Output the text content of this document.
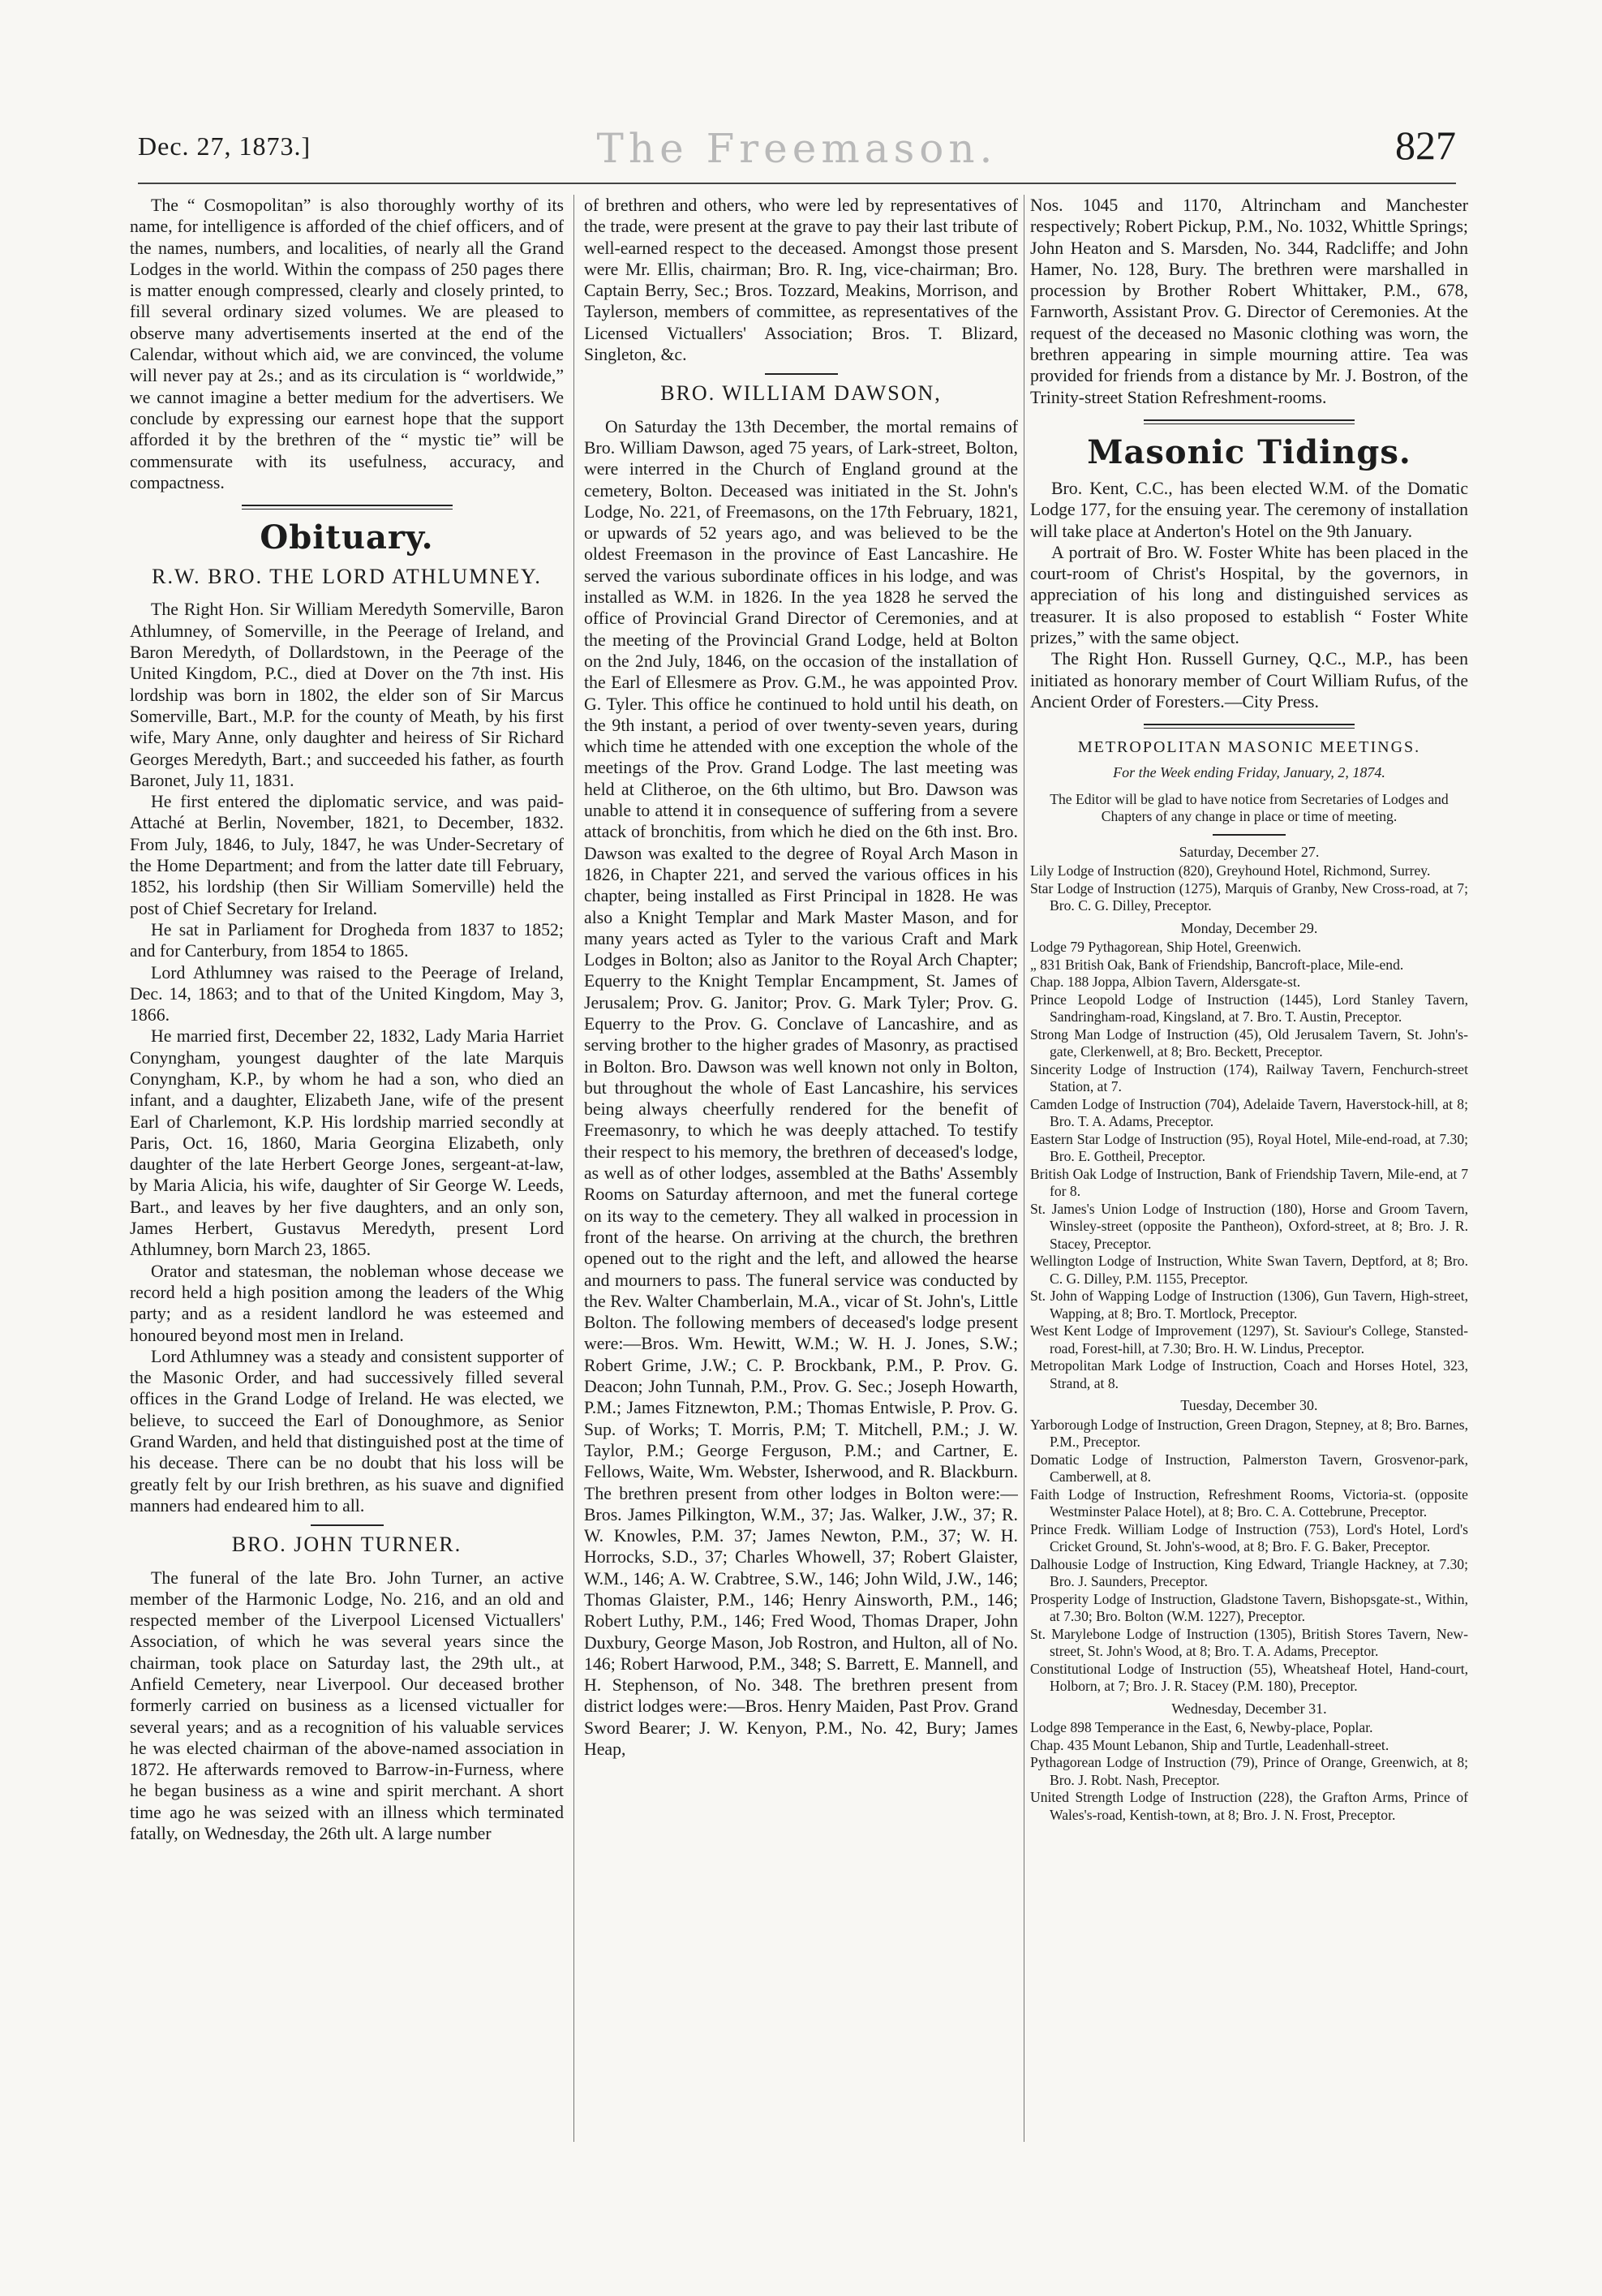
Dec. 27, 1873.]	The Freemason.	827

The “ Cosmopolitan” is also thoroughly worthy of its name, for intelligence is afforded of the chief officers, and of the names, numbers, and localities, of nearly all the Grand Lodges in the world. Within the compass of 250 pages there is matter enough compressed, clearly and closely printed, to fill several ordinary sized volumes. We are pleased to observe many advertisements inserted at the end of the Calendar, without which aid, we are convinced, the volume will never pay at 2s.; and as its circulation is “ worldwide,” we cannot imagine a better medium for the advertisers. We conclude by expressing our earnest hope that the support afforded it by the brethren of the “ mystic tie” will be commensurate with its usefulness, accuracy, and compactness.

Obituary.
R.W. BRO. THE LORD ATHLUMNEY.

The Right Hon. Sir William Meredyth Somerville, Baron Athlumney, of Somerville, in the Peerage of Ireland, and Baron Meredyth, of Dollardstown, in the Peerage of the United Kingdom, P.C., died at Dover on the 7th inst. His lordship was born in 1802, the elder son of Sir Marcus Somerville, Bart., M.P. for the county of Meath, by his first wife, Mary Anne, only daughter and heiress of Sir Richard Georges Meredyth, Bart.; and succeeded his father, as fourth Baronet, July 11, 1831.

He first entered the diplomatic service, and was paid-Attaché at Berlin, November, 1821, to December, 1832. From July, 1846, to July, 1847, he was Under-Secretary of the Home Department; and from the latter date till February, 1852, his lordship (then Sir William Somerville) held the post of Chief Secretary for Ireland.

He sat in Parliament for Drogheda from 1837 to 1852; and for Canterbury, from 1854 to 1865.

Lord Athlumney was raised to the Peerage of Ireland, Dec. 14, 1863; and to that of the United Kingdom, May 3, 1866.

He married first, December 22, 1832, Lady Maria Harriet Conyngham, youngest daughter of the late Marquis Conyngham, K.P., by whom he had a son, who died an infant, and a daughter, Elizabeth Jane, wife of the present Earl of Charlemont, K.P. His lordship married secondly at Paris, Oct. 16, 1860, Maria Georgina Elizabeth, only daughter of the late Herbert George Jones, sergeant-at-law, by Maria Alicia, his wife, daughter of Sir George W. Leeds, Bart., and leaves by her five daughters, and an only son, James Herbert, Gustavus Meredyth, present Lord Athlumney, born March 23, 1865.

Orator and statesman, the nobleman whose decease we record held a high position among the leaders of the Whig party; and as a resident landlord he was esteemed and honoured beyond most men in Ireland.

Lord Athlumney was a steady and consistent supporter of the Masonic Order, and had successively filled several offices in the Grand Lodge of Ireland. He was elected, we believe, to succeed the Earl of Donoughmore, as Senior Grand Warden, and held that distinguished post at the time of his decease. There can be no doubt that his loss will be greatly felt by our Irish brethren, as his suave and dignified manners had endeared him to all.

BRO. JOHN TURNER.

The funeral of the late Bro. John Turner, an active member of the Harmonic Lodge, No. 216, and an old and respected member of the Liverpool Licensed Victuallers' Association, of which he was several years since the chairman, took place on Saturday last, the 29th ult., at Anfield Cemetery, near Liverpool. Our deceased brother formerly carried on business as a licensed victualler for several years; and as a recognition of his valuable services he was elected chairman of the above-named association in 1872. He afterwards removed to Barrow-in-Furness, where he began business as a wine and spirit merchant. A short time ago he was seized with an illness which terminated fatally, on Wednesday, the 26th ult. A large number

of brethren and others, who were led by representatives of the trade, were present at the grave to pay their last tribute of well-earned respect to the deceased. Amongst those present were Mr. Ellis, chairman; Bro. R. Ing, vice-chairman; Bro. Captain Berry, Sec.; Bros. Tozzard, Meakins, Morrison, and Taylerson, members of committee, as representatives of the Licensed Victuallers' Association; Bros. T. Blizard, Singleton, &c.

BRO. WILLIAM DAWSON,

On Saturday the 13th December, the mortal remains of Bro. William Dawson, aged 75 years, of Lark-street, Bolton, were interred in the Church of England ground at the cemetery, Bolton. Deceased was initiated in the St. John's Lodge, No. 221, of Freemasons, on the 17th February, 1821, or upwards of 52 years ago, and was believed to be the oldest Freemason in the province of East Lancashire. He served the various subordinate offices in his lodge, and was installed as W.M. in 1826. In the yea 1828 he served the office of Provincial Grand Director of Ceremonies, and at the meeting of the Provincial Grand Lodge, held at Bolton on the 2nd July, 1846, on the occasion of the installation of the Earl of Ellesmere as Prov. G.M., he was appointed Prov. G. Tyler. This office he continued to hold until his death, on the 9th instant, a period of over twenty-seven years, during which time he attended with one exception the whole of the meetings of the Prov. Grand Lodge. The last meeting was held at Clitheroe, on the 6th ultimo, but Bro. Dawson was unable to attend it in consequence of suffering from a severe attack of bronchitis, from which he died on the 6th inst. Bro. Dawson was exalted to the degree of Royal Arch Mason in 1826, in Chapter 221, and served the various offices in his chapter, being installed as First Principal in 1828. He was also a Knight Templar and Mark Master Mason, and for many years acted as Tyler to the various Craft and Mark Lodges in Bolton; also as Janitor to the Royal Arch Chapter; Equerry to the Knight Templar Encampment, St. James of Jerusalem; Prov. G. Janitor; Prov. G. Mark Tyler; Prov. G. Equerry to the Prov. G. Conclave of Lancashire, and as serving brother to the higher grades of Masonry, as practised in Bolton. Bro. Dawson was well known not only in Bolton, but throughout the whole of East Lancashire, his services being always cheerfully rendered for the benefit of Freemasonry, to which he was deeply attached. To testify their respect to his memory, the brethren of deceased's lodge, as well as of other lodges, assembled at the Baths' Assembly Rooms on Saturday afternoon, and met the funeral cortege on its way to the cemetery. They all walked in procession in front of the hearse. On arriving at the church, the brethren opened out to the right and the left, and allowed the hearse and mourners to pass. The funeral service was conducted by the Rev. Walter Chamberlain, M.A., vicar of St. John's, Little Bolton. The following members of deceased's lodge present were:—Bros. Wm. Hewitt, W.M.; W. H. J. Jones, S.W.; Robert Grime, J.W.; C. P. Brockbank, P.M., P. Prov. G. Deacon; John Tunnah, P.M., Prov. G. Sec.; Joseph Howarth, P.M.; James Fitznewton, P.M.; Thomas Entwisle, P. Prov. G. Sup. of Works; T. Morris, P.M; T. Mitchell, P.M.; J. W. Taylor, P.M.; George Ferguson, P.M.; and Cartner, E. Fellows, Waite, Wm. Webster, Isherwood, and R. Blackburn. The brethren present from other lodges in Bolton were:—Bros. James Pilkington, W.M., 37; Jas. Walker, J.W., 37; R. W. Knowles, P.M. 37; James Newton, P.M., 37; W. H. Horrocks, S.D., 37; Charles Whowell, 37; Robert Glaister, W.M., 146; A. W. Crabtree, S.W., 146; John Wild, J.W., 146; Thomas Glaister, P.M., 146; Henry Ainsworth, P.M., 146; Robert Luthy, P.M., 146; Fred Wood, Thomas Draper, John Duxbury, George Mason, Job Rostron, and Hulton, all of No. 146; Robert Harwood, P.M., 348; S. Barrett, E. Mannell, and H. Stephenson, of No. 348. The brethren present from district lodges were:—Bros. Henry Maiden, Past Prov. Grand Sword Bearer; J. W. Kenyon, P.M., No. 42, Bury; James Heap,

Nos. 1045 and 1170, Altrincham and Manchester respectively; Robert Pickup, P.M., No. 1032, Whittle Springs; John Heaton and S. Marsden, No. 344, Radcliffe; and John Hamer, No. 128, Bury. The brethren were marshalled in procession by Brother Robert Whittaker, P.M., 678, Farnworth, Assistant Prov. G. Director of Ceremonies. At the request of the deceased no Masonic clothing was worn, the brethren appearing in simple mourning attire. Tea was provided for friends from a distance by Mr. J. Bostron, of the Trinity-street Station Refreshment-rooms.

Masonic Tidings.

Bro. Kent, C.C., has been elected W.M. of the Domatic Lodge 177, for the ensuing year. The ceremony of installation will take place at Anderton's Hotel on the 9th January.

A portrait of Bro. W. Foster White has been placed in the court-room of Christ's Hospital, by the governors, in appreciation of his long and distinguished services as treasurer. It is also proposed to establish “ Foster White prizes,” with the same object.

The Right Hon. Russell Gurney, Q.C., M.P., has been initiated as honorary member of Court William Rufus, of the Ancient Order of Foresters.—City Press.

METROPOLITAN MASONIC MEETINGS.
For the Week ending Friday, January, 2, 1874.
The Editor will be glad to have notice from Secretaries of Lodges and Chapters of any change in place or time of meeting.
Saturday, December 27.

Lily Lodge of Instruction (820), Greyhound Hotel, Richmond, Surrey.

Star Lodge of Instruction (1275), Marquis of Granby, New Cross-road, at 7; Bro. C. G. Dilley, Preceptor.

Monday, December 29.

Lodge 79 Pythagorean, Ship Hotel, Greenwich.

„ 831 British Oak, Bank of Friendship, Bancroft-place, Mile-end.

Chap. 188 Joppa, Albion Tavern, Aldersgate-st.

Prince Leopold Lodge of Instruction (1445), Lord Stanley Tavern, Sandringham-road, Kingsland, at 7. Bro. T. Austin, Preceptor.

Strong Man Lodge of Instruction (45), Old Jerusalem Tavern, St. John's-gate, Clerkenwell, at 8; Bro. Beckett, Preceptor.

Sincerity Lodge of Instruction (174), Railway Tavern, Fenchurch-street Station, at 7.

Camden Lodge of Instruction (704), Adelaide Tavern, Haverstock-hill, at 8; Bro. T. A. Adams, Preceptor.

Eastern Star Lodge of Instruction (95), Royal Hotel, Mile-end-road, at 7.30; Bro. E. Gottheil, Preceptor.

British Oak Lodge of Instruction, Bank of Friendship Tavern, Mile-end, at 7 for 8.

St. James's Union Lodge of Instruction (180), Horse and Groom Tavern, Winsley-street (opposite the Pantheon), Oxford-street, at 8; Bro. J. R. Stacey, Preceptor.

Wellington Lodge of Instruction, White Swan Tavern, Deptford, at 8; Bro. C. G. Dilley, P.M. 1155, Preceptor.

St. John of Wapping Lodge of Instruction (1306), Gun Tavern, High-street, Wapping, at 8; Bro. T. Mortlock, Preceptor.

West Kent Lodge of Improvement (1297), St. Saviour's College, Stansted-road, Forest-hill, at 7.30; Bro. H. W. Lindus, Preceptor.

Metropolitan Mark Lodge of Instruction, Coach and Horses Hotel, 323, Strand, at 8.

Tuesday, December 30.

Yarborough Lodge of Instruction, Green Dragon, Stepney, at 8; Bro. Barnes, P.M., Preceptor.

Domatic Lodge of Instruction, Palmerston Tavern, Grosvenor-park, Camberwell, at 8.

Faith Lodge of Instruction, Refreshment Rooms, Victoria-st. (opposite Westminster Palace Hotel), at 8; Bro. C. A. Cottebrune, Preceptor.

Prince Fredk. William Lodge of Instruction (753), Lord's Hotel, Lord's Cricket Ground, St. John's-wood, at 8; Bro. F. G. Baker, Preceptor.

Dalhousie Lodge of Instruction, King Edward, Triangle Hackney, at 7.30; Bro. J. Saunders, Preceptor.

Prosperity Lodge of Instruction, Gladstone Tavern, Bishopsgate-st., Within, at 7.30; Bro. Bolton (W.M. 1227), Preceptor.

St. Marylebone Lodge of Instruction (1305), British Stores Tavern, New-street, St. John's Wood, at 8; Bro. T. A. Adams, Preceptor.

Constitutional Lodge of Instruction (55), Wheatsheaf Hotel, Hand-court, Holborn, at 7; Bro. J. R. Stacey (P.M. 180), Preceptor.

Wednesday, December 31.

Lodge 898 Temperance in the East, 6, Newby-place, Poplar.

Chap. 435 Mount Lebanon, Ship and Turtle, Leadenhall-street.

Pythagorean Lodge of Instruction (79), Prince of Orange, Greenwich, at 8; Bro. J. Robt. Nash, Preceptor.

United Strength Lodge of Instruction (228), the Grafton Arms, Prince of Wales's-road, Kentish-town, at 8; Bro. J. N. Frost, Preceptor.
